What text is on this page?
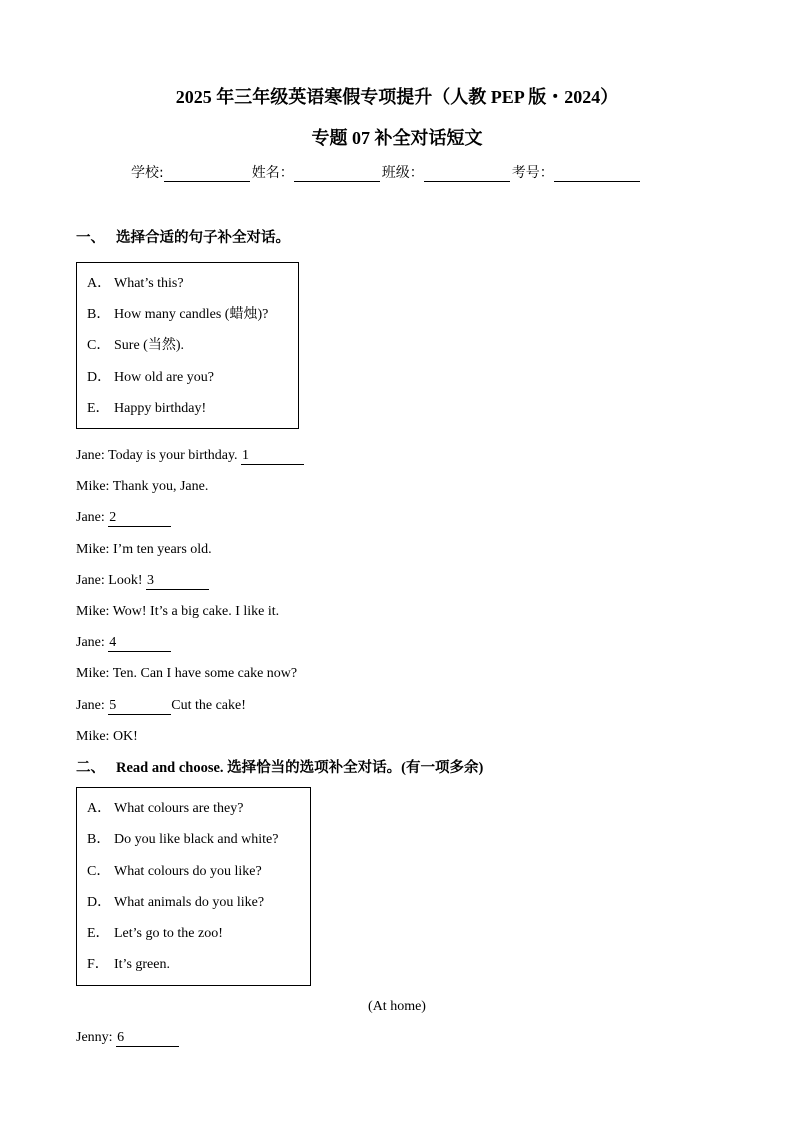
2025 年三年级英语寒假专项提升（人教 PEP 版・2024）
专题 07 补全对话短文
学校:	姓名：	班级：	考号：
一、 选择合适的句子补全对话。
A． What’s this?
B． How many candles (蜡烛)?
C． Sure (当然).
D． How old are you?
E． Happy birthday!
Jane: Today is your birthday. 1
Mike: Thank you, Jane.
Jane: 2
Mike: I’m ten years old.
Jane: Look! 3
Mike: Wow! It’s a big cake. I like it.
Jane: 4
Mike: Ten. Can I have some cake now?
Jane: 5	Cut the cake!
Mike: OK!
二、 Read and choose. 选择恰当的选项补全对话。(有一项多余)
A． What colours are they?
B． Do you like black and white?
C． What colours do you like?
D． What animals do you like?
E． Let’s go to the zoo!
F． It’s green.
(At home)
Jenny: 6
